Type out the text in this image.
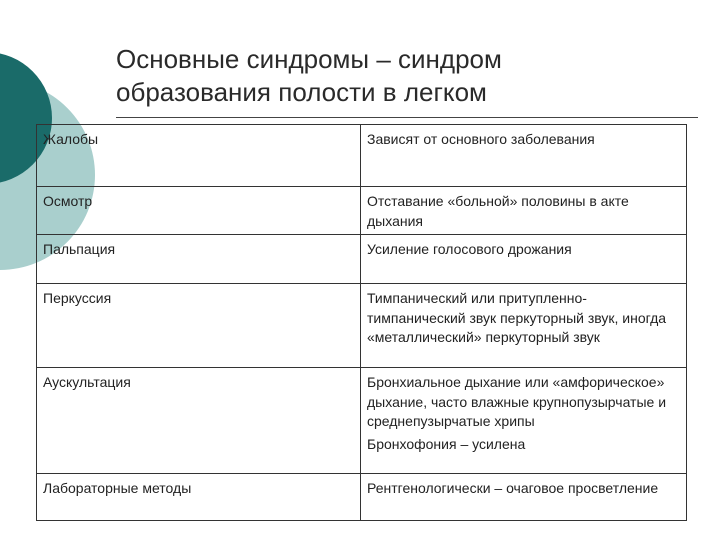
Основные синдромы – синдром
образования полости в легком
Жалобы	Зависят от основного заболевания

Осмотр	Отставание «больной» половины в акте дыхания

Пальпация	Усиление голосового дрожания

Перкуссия	Тимпанический или притупленно-тимпанический звук перкуторный звук, иногда «металлический» перкуторный звук

Аускультация	Бронхиальное дыхание или «амфорическое» дыхание, часто влажные крупнопузырчатые и среднепузырчатые хрипы
Бронхофония – усилена

Лабораторные методы	Рентгенологически – очаговое просветление
